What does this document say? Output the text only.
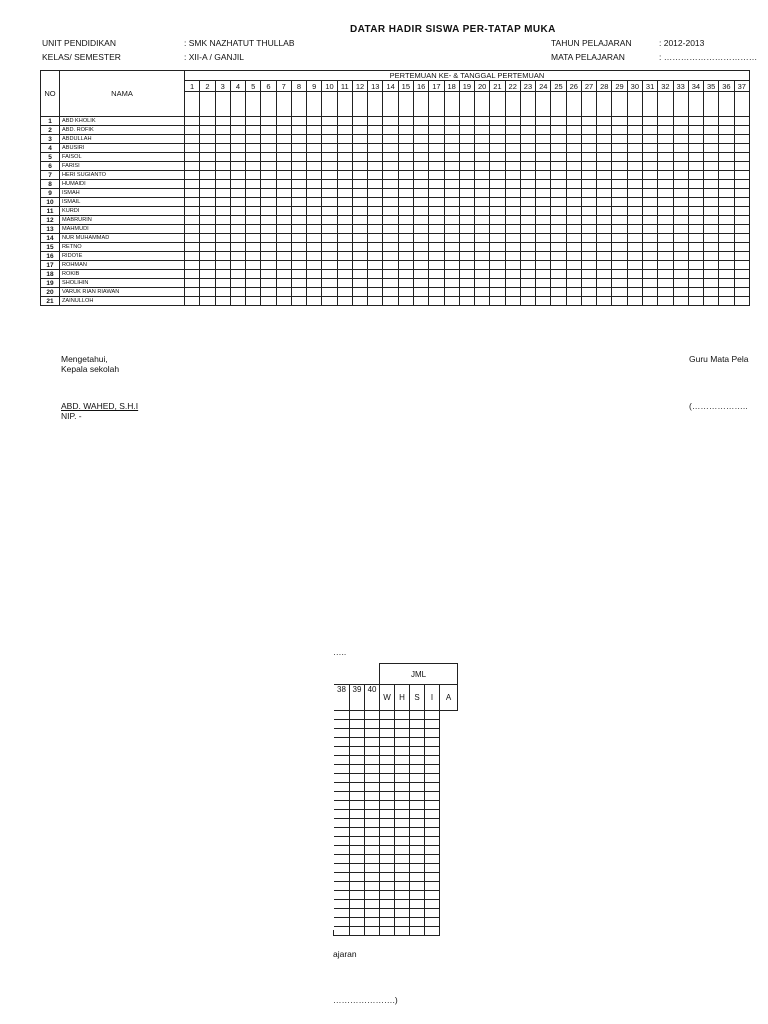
DATAR HADIR SISWA PER-TATAP MUKA
UNIT PENDIDIKAN	: SMK NAZHATUT THULLAB
KELAS/ SEMESTER	: XII-A / GANJIL
TAHUN PELAJARAN	: 2012-2013
MATA PELAJARAN	: ……………………………
NO	NAMA	PERTEMUAN KE- & TANGGAL PERTEMUAN																																				
		1	2	3	4	5	6	7	8	9	10	11	12	13	14	15	16	17	18	19	20	21	22	23	24	25	26	27	28	29	30	31	32	33	34	35	36	37

1	ABD KHOLIK																																					
2	ABD. ROFIK																																					
3	ABDULLAH																																					
4	ABUSIRI																																					
5	FAISOL																																					
6	FARISI																																					
7	HERI SUGIANTO																																					
8	HUMAIDI																																					
9	ISMAH																																					
10	ISMAIL																																					
11	KURDI																																					
12	MABRURIN																																					
13	MAHMUDI																																					
14	NUR MUHAMMAD																																					
15	RETNO																																					
16	RIDO'IE																																					
17	ROHMAN																																					
18	ROKIB																																					
19	SHOLIHIN																																					
20	VARUK RIAN RIAWAN																																					
21	ZAINULLOH																																					
Mengetahui,
Kepala sekolah
Guru Mata Pela
ABD. WAHED, S.H.I
NIP. -
(………………..
…..
			JML				
38	39	40	W	H	S	I	A

ajaran
………………….)
